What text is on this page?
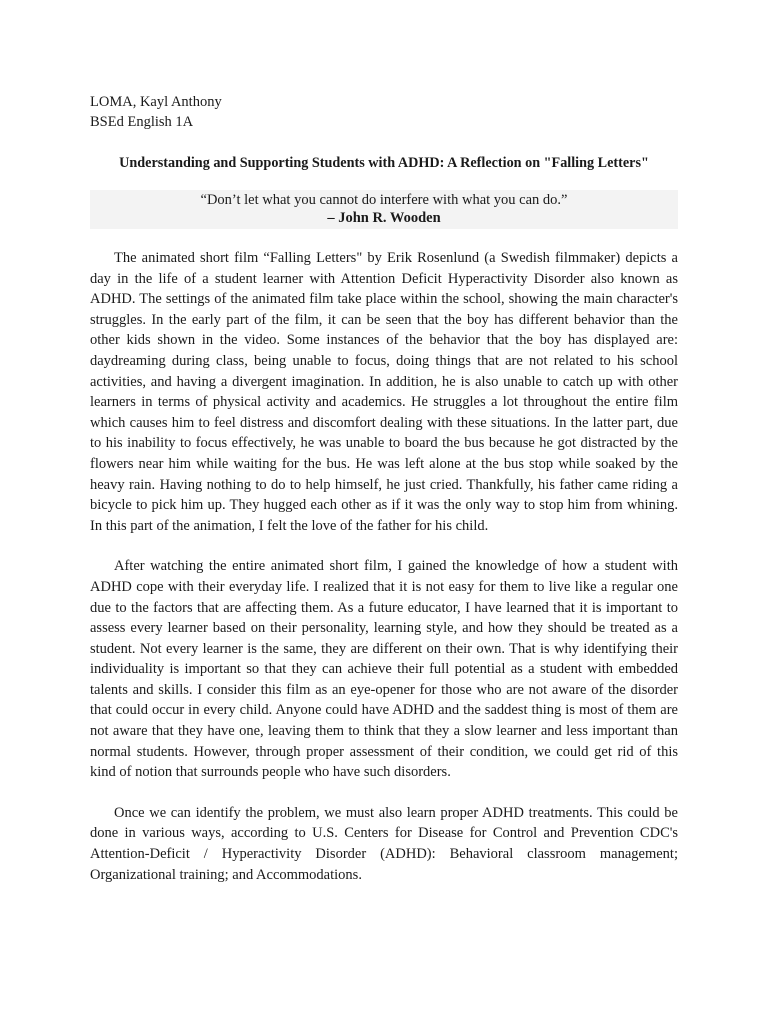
LOMA, Kayl Anthony

BSEd English 1A

Understanding and Supporting Students with ADHD: A Reflection on "Falling Letters"
“Don’t let what you cannot do interfere with what you can do.”
– John R. Wooden

The animated short film “Falling Letters" by Erik Rosenlund (a Swedish filmmaker) depicts a day in the life of a student learner with Attention Deficit Hyperactivity Disorder also known as ADHD. The settings of the animated film take place within the school, showing the main character's struggles. In the early part of the film, it can be seen that the boy has different behavior than the other kids shown in the video. Some instances of the behavior that the boy has displayed are: daydreaming during class, being unable to focus, doing things that are not related to his school activities, and having a divergent imagination. In addition, he is also unable to catch up with other learners in terms of physical activity and academics. He struggles a lot throughout the entire film which causes him to feel distress and discomfort dealing with these situations. In the latter part, due to his inability to focus effectively, he was unable to board the bus because he got distracted by the flowers near him while waiting for the bus. He was left alone at the bus stop while soaked by the heavy rain. Having nothing to do to help himself, he just cried. Thankfully, his father came riding a bicycle to pick him up. They hugged each other as if it was the only way to stop him from whining. In this part of the animation, I felt the love of the father for his child.

After watching the entire animated short film, I gained the knowledge of how a student with ADHD cope with their everyday life. I realized that it is not easy for them to live like a regular one due to the factors that are affecting them. As a future educator, I have learned that it is important to assess every learner based on their personality, learning style, and how they should be treated as a student. Not every learner is the same, they are different on their own. That is why identifying their individuality is important so that they can achieve their full potential as a student with embedded talents and skills. I consider this film as an eye-opener for those who are not aware of the disorder that could occur in every child. Anyone could have ADHD and the saddest thing is most of them are not aware that they have one, leaving them to think that they a slow learner and less important than normal students. However, through proper assessment of their condition, we could get rid of this kind of notion that surrounds people who have such disorders.

Once we can identify the problem, we must also learn proper ADHD treatments. This could be done in various ways, according to U.S. Centers for Disease for Control and Prevention CDC's Attention-Deficit / Hyperactivity Disorder (ADHD): Behavioral classroom management; Organizational training; and Accommodations.
